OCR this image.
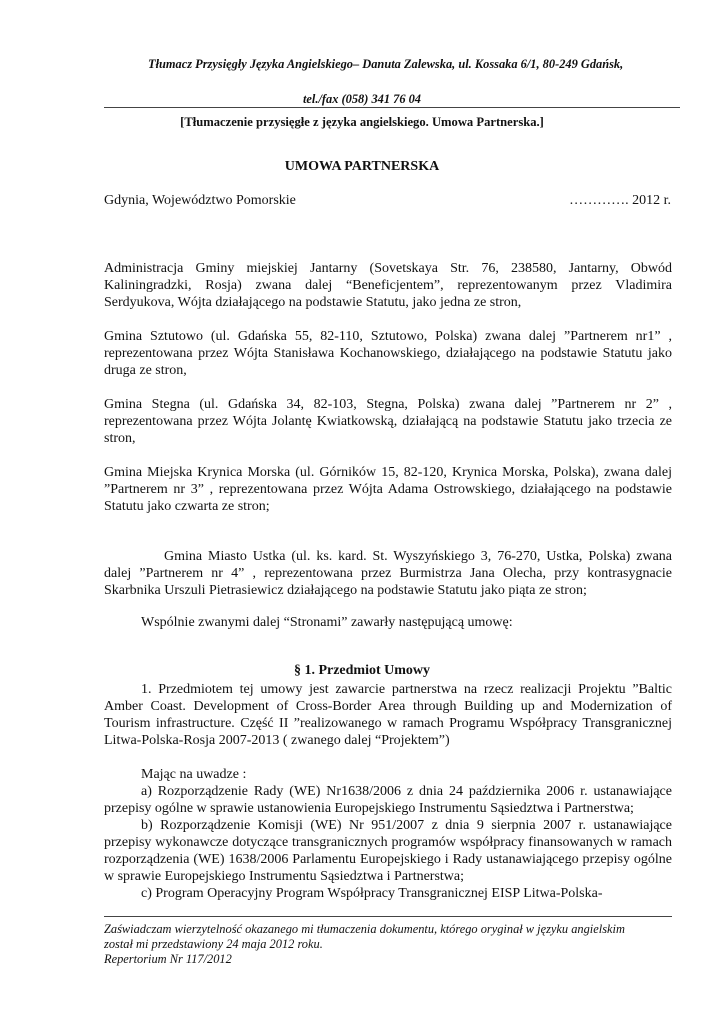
Tłumacz Przysięgły Języka Angielskiego– Danuta Zalewska, ul. Kossaka 6/1, 80-249 Gdańsk,
tel./fax (058) 341 76 04
[Tłumaczenie przysięgłe z języka angielskiego. Umowa Partnerska.]
UMOWA PARTNERSKA
Gdynia, Województwo Pomorskie	…………. 2012 r.
Administracja Gminy miejskiej Jantarny (Sovetskaya Str. 76, 238580, Jantarny, Obwód Kaliningradzki, Rosja) zwana dalej “Beneficjentem”, reprezentowanym przez Vladimira Serdyukova, Wójta działającego na podstawie Statutu, jako jedna ze stron,
Gmina Sztutowo (ul. Gdańska 55, 82-110, Sztutowo, Polska) zwana dalej ”Partnerem nr1” , reprezentowana przez Wójta Stanisława Kochanowskiego, działającego na podstawie Statutu jako druga ze stron,
Gmina Stegna (ul. Gdańska 34, 82-103, Stegna, Polska) zwana dalej ”Partnerem nr 2” , reprezentowana przez Wójta Jolantę Kwiatkowską, działającą na podstawie Statutu jako trzecia ze stron,
Gmina Miejska Krynica Morska (ul. Górników 15, 82-120, Krynica Morska, Polska), zwana dalej ”Partnerem nr 3” , reprezentowana przez Wójta Adama Ostrowskiego, działającego na podstawie Statutu jako czwarta ze stron;
Gmina Miasto Ustka (ul. ks. kard. St. Wyszyńskiego 3, 76-270, Ustka, Polska) zwana dalej ”Partnerem nr 4” , reprezentowana przez Burmistrza Jana Olecha, przy kontrasygnacie Skarbnika Urszuli Pietrasiewicz działającego na podstawie Statutu jako piąta ze stron;
Wspólnie zwanymi dalej “Stronami” zawarły następującą umowę:
§ 1. Przedmiot Umowy
1. Przedmiotem tej umowy jest zawarcie partnerstwa na rzecz realizacji Projektu ”Baltic Amber Coast. Development of Cross-Border Area through Building up and Modernization of Tourism infrastructure. Część II ”realizowanego w ramach Programu Współpracy Transgranicznej Litwa-Polska-Rosja 2007-2013 ( zwanego dalej “Projektem”)
Mając na uwadze :
a) Rozporządzenie Rady (WE) Nr1638/2006 z dnia 24 października 2006 r. ustanawiające przepisy ogólne w sprawie ustanowienia Europejskiego Instrumentu Sąsiedztwa i Partnerstwa;
b) Rozporządzenie Komisji (WE) Nr 951/2007 z dnia 9 sierpnia 2007 r. ustanawiające przepisy wykonawcze dotyczące transgranicznych programów współpracy finansowanych w ramach rozporządzenia (WE) 1638/2006 Parlamentu Europejskiego i Rady ustanawiającego przepisy ogólne w sprawie Europejskiego Instrumentu Sąsiedztwa i Partnerstwa;
c) Program Operacyjny Program Współpracy Transgranicznej EISP Litwa-Polska-
Zaświadczam wierzytelność okazanego mi tłumaczenia dokumentu, którego oryginał w języku angielskim
został mi przedstawiony 24 maja 2012 roku.
Repertorium Nr 117/2012
